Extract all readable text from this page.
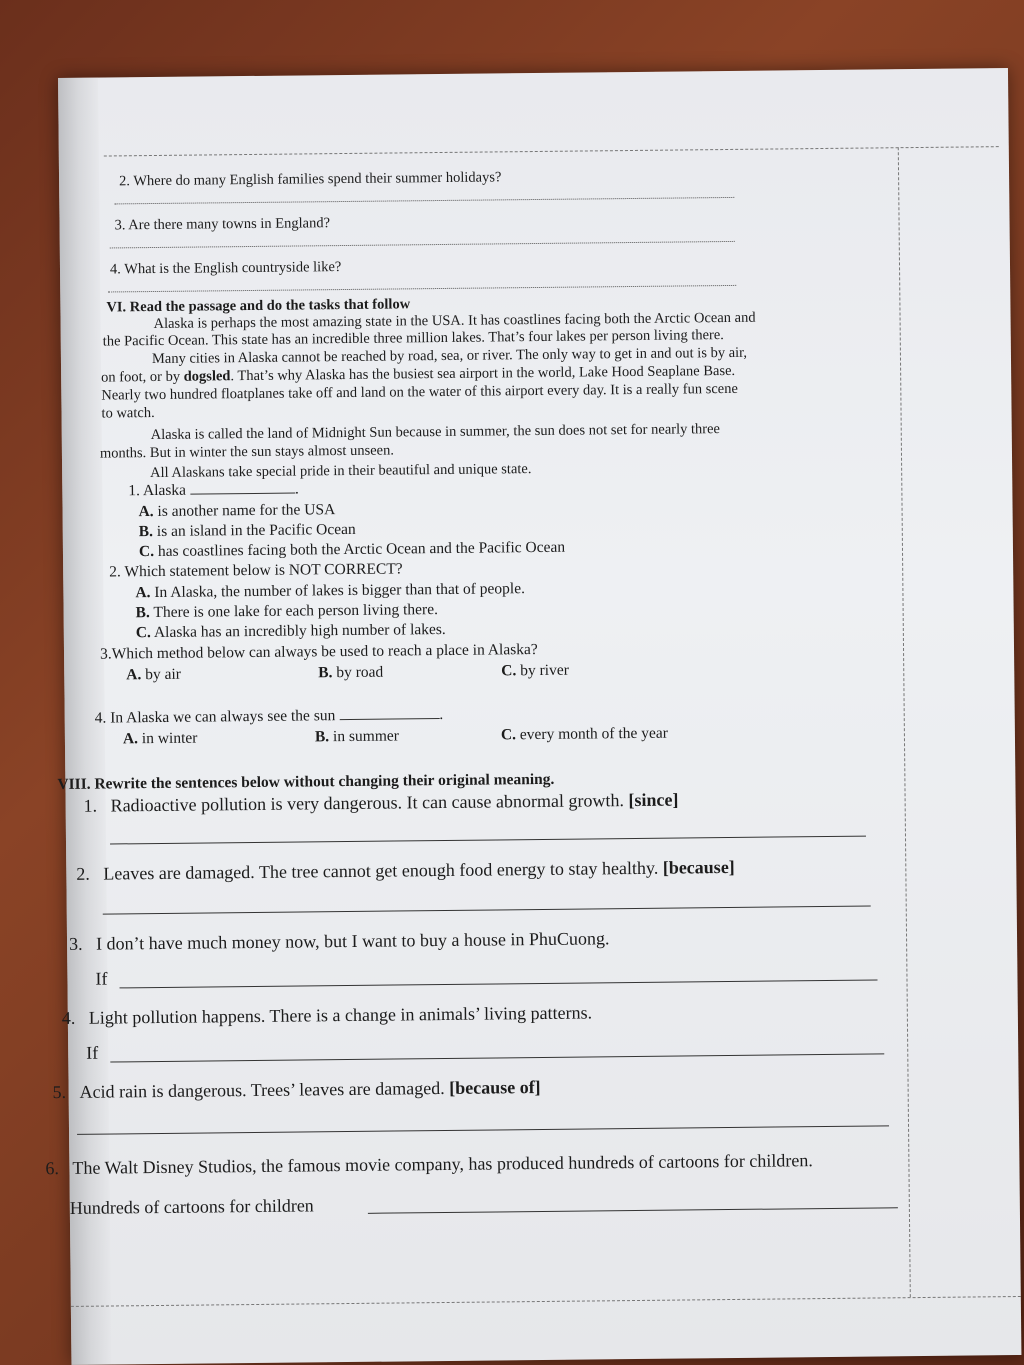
2. Where do many English families spend their summer holidays?
3. Are there many towns in England?
4. What is the English countryside like?
VI. Read the passage and do the tasks that follow
Alaska is perhaps the most amazing state in the USA. It has coastlines facing both the Arctic Ocean and
the Pacific Ocean. This state has an incredible three million lakes. That’s four lakes per person living there.
Many cities in Alaska cannot be reached by road, sea, or river. The only way to get in and out is by air,
on foot, or by dogsled. That’s why Alaska has the busiest sea airport in the world, Lake Hood Seaplane Base.
Nearly two hundred floatplanes take off and land on the water of this airport every day. It is a really fun scene
to watch.
Alaska is called the land of Midnight Sun because in summer, the sun does not set for nearly three
months. But in winter the sun stays almost unseen.
All Alaskans take special pride in their beautiful and unique state.
1. Alaska	.
A. is another name for the USA
B. is an island in the Pacific Ocean
C. has coastlines facing both the Arctic Ocean and the Pacific Ocean
2. Which statement below is NOT CORRECT?
A. In Alaska, the number of lakes is bigger than that of people.
B. There is one lake for each person living there.
C. Alaska has an incredibly high number of lakes.
3.Which method below can always be used to reach a place in Alaska?
A. by air	B. by road	C. by river
4. In Alaska we can always see the sun	.
A. in winter	B. in summer	C. every month of the year
VIII. Rewrite the sentences below without changing their original meaning.
1. Radioactive pollution is very dangerous. It can cause abnormal growth. [since]
2. Leaves are damaged. The tree cannot get enough food energy to stay healthy. [because]
3. I don’t have much money now, but I want to buy a house in PhuCuong.
If
4. Light pollution happens. There is a change in animals’ living patterns.
If
5. Acid rain is dangerous. Trees’ leaves are damaged. [because of]
6. The Walt Disney Studios, the famous movie company, has produced hundreds of cartoons for children.
Hundreds of cartoons for children
